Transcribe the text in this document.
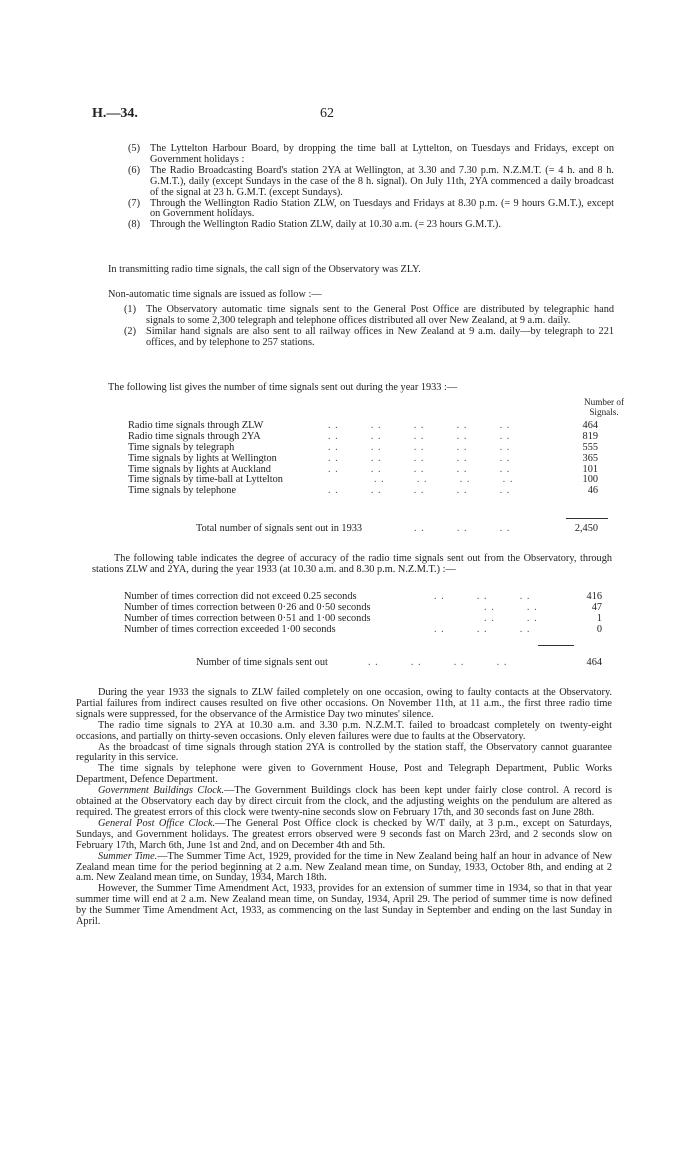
H.—34.	62
(5) The Lyttelton Harbour Board, by dropping the time ball at Lyttelton, on Tuesdays and Fridays, except on Government holidays :
(6) The Radio Broadcasting Board's station 2YA at Wellington, at 3.30 and 7.30 p.m. N.Z.M.T. (= 4 h. and 8 h. G.M.T.), daily (except Sundays in the case of the 8 h. signal). On July 11th, 2YA commenced a daily broadcast of the signal at 23 h. G.M.T. (except Sundays).
(7) Through the Wellington Radio Station ZLW, on Tuesdays and Fridays at 8.30 p.m. (= 9 hours G.M.T.), except on Government holidays.
(8) Through the Wellington Radio Station ZLW, daily at 10.30 a.m. (= 23 hours G.M.T.).
In transmitting radio time signals, the call sign of the Observatory was ZLY.
Non-automatic time signals are issued as follow :—
(1) The Observatory automatic time signals sent to the General Post Office are distributed by telegraphic hand signals to some 2,300 telegraph and telephone offices distributed all over New Zealand, at 9 a.m. daily.
(2) Similar hand signals are also sent to all railway offices in New Zealand at 9 a.m. daily—by telegraph to 221 offices, and by telephone to 257 stations.
The following list gives the number of time signals sent out during the year 1933 :—
Number of
Signals.
Radio time signals through ZLW	. .         . .         . .         . .         . .	464
Radio time signals through 2YA	. .         . .         . .         . .         . .	819
Time signals by telegraph	. .         . .         . .         . .         . .	555
Time signals by lights at Wellington	. .         . .         . .         . .         . .	365
Time signals by lights at Auckland	. .         . .         . .         . .         . .	101
Time signals by time-ball at Lyttelton	. .         . .         . .         . .	100
Time signals by telephone	. .         . .         . .         . .         . .	46
Total number of signals sent out in 1933	. .         . .         . .	2,450

The following table indicates the degree of accuracy of the radio time signals sent out from the Observatory, through stations ZLW and 2YA, during the year 1933 (at 10.30 a.m. and 8.30 p.m. N.Z.M.T.) :—

Number of times correction did not exceed 0.25 seconds	. .         . .         . .	416
Number of times correction between 0·26 and 0·50 seconds	. .         . .	47
Number of times correction between 0·51 and 1·00 seconds	. .         . .	1
Number of times correction exceeded 1·00 seconds	. .         . .         . .	0
Number of time signals sent out	. .         . .         . .         . .	464

During the year 1933 the signals to ZLW failed completely on one occasion, owing to faulty contacts at the Observatory. Partial failures from indirect causes resulted on five other occasions. On November 11th, at 11 a.m., the first three radio time signals were suppressed, for the observance of the Armistice Day two minutes' silence.

The radio time signals to 2YA at 10.30 a.m. and 3.30 p.m. N.Z.M.T. failed to broadcast completely on twenty-eight occasions, and partially on thirty-seven occasions. Only eleven failures were due to faults at the Observatory.

As the broadcast of time signals through station 2YA is controlled by the station staff, the Observatory cannot guarantee regularity in this service.

The time signals by telephone were given to Government House, Post and Telegraph Department, Public Works Department, Defence Department.

Government Buildings Clock.—The Government Buildings clock has been kept under fairly close control. A record is obtained at the Observatory each day by direct circuit from the clock, and the adjusting weights on the pendulum are altered as required. The greatest errors of this clock were twenty-nine seconds slow on February 17th, and 30 seconds fast on June 28th.

General Post Office Clock.—The General Post Office clock is checked by W/T daily, at 3 p.m., except on Saturdays, Sundays, and Government holidays. The greatest errors observed were 9 seconds fast on March 23rd, and 2 seconds slow on February 17th, March 6th, June 1st and 2nd, and on December 4th and 5th.

Summer Time.—The Summer Time Act, 1929, provided for the time in New Zealand being half an hour in advance of New Zealand mean time for the period beginning at 2 a.m. New Zealand mean time, on Sunday, 1933, October 8th, and ending at 2 a.m. New Zealand mean time, on Sunday, 1934, March 18th.

However, the Summer Time Amendment Act, 1933, provides for an extension of summer time in 1934, so that in that year summer time will end at 2 a.m. New Zealand mean time, on Sunday, 1934, April 29. The period of summer time is now defined by the Summer Time Amendment Act, 1933, as commencing on the last Sunday in September and ending on the last Sunday in April.
